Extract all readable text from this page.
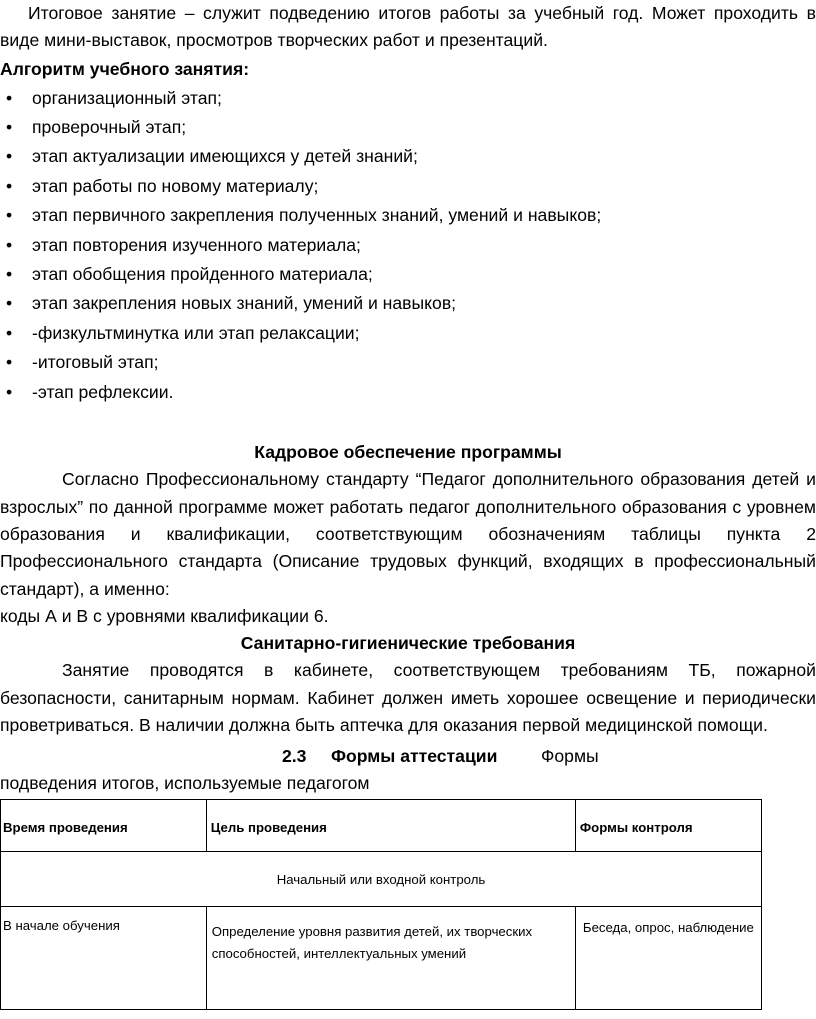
Итоговое занятие – служит подведению итогов работы за учебный год. Может проходить в виде мини-выставок, просмотров творческих работ и презентаций.

Алгоритм учебного занятия:

• организационный этап;
• проверочный этап;
• этап актуализации имеющихся у детей знаний;
• этап работы по новому материалу;
• этап первичного закрепления полученных знаний, умений и навыков;
• этап повторения изученного материала;
• этап обобщения пройденного материала;
• этап закрепления новых знаний, умений и навыков;
• -физкультминутка или этап релаксации;
• -итоговый этап;
• -этап рефлексии.

Кадровое обеспечение программы

Согласно Профессиональному стандарту “Педагог дополнительного образования детей и взрослых” по данной программе может работать педагог дополнительного образования с уровнем образования и квалификации, соответствующим обозначениям таблицы пункта 2 Профессионального стандарта (Описание трудовых функций, входящих в профессиональный стандарт), а именно:

коды А и В с уровнями квалификации 6.

Санитарно-гигиенические требования

Занятие проводятся в кабинете, соответствующем требованиям ТБ, пожарной безопасности, санитарным нормам. Кабинет должен иметь хорошее освещение и периодически проветриваться. В наличии должна быть аптечка для оказания первой медицинской помощи.

2.3 Формы аттестации Формы

подведения итогов, используемые педагогом

Время проведения	Цель проведения	Формы контроля
Начальный или входной контроль		
В начале обучения	Определение уровня развития детей, их творческих способностей, интеллектуальных умений	Беседа, опрос, наблюдение
